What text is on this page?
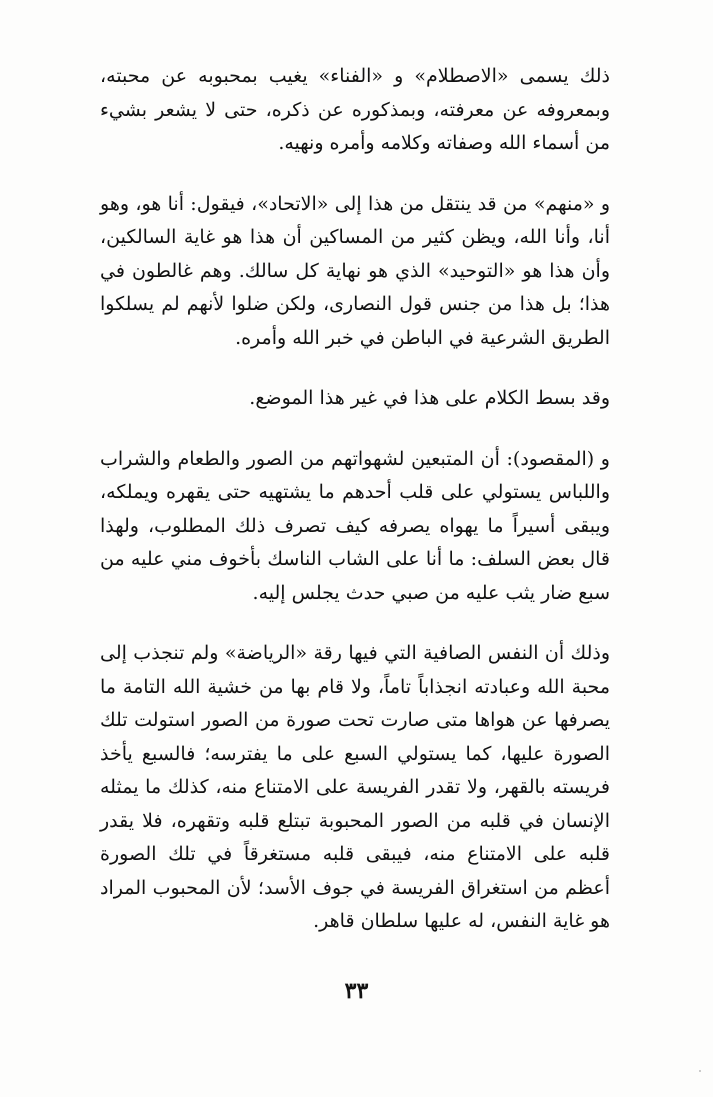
ذلك يسمى «الاصطلام» و «الفناء» يغيب بمحبوبه عن محبته، وبمعروفه عن معرفته، وبمذكوره عن ذكره، حتى لا يشعر بشيء من أسماء الله وصفاته وكلامه وأمره ونهيه.

و «منهم» من قد ينتقل من هذا إلى «الاتحاد»، فيقول: أنا هو، وهو أنا، وأنا الله، ويظن كثير من المساكين أن هذا هو غاية السالكين، وأن هذا هو «التوحيد» الذي هو نهاية كل سالك. وهم غالطون في هذا؛ بل هذا من جنس قول النصارى، ولكن ضلوا لأنهم لم يسلكوا الطريق الشرعية في الباطن في خبر الله وأمره.

وقد بسط الكلام على هذا في غير هذا الموضع.

و (المقصود): أن المتبعين لشهواتهم من الصور والطعام والشراب واللباس يستولي على قلب أحدهم ما يشتهيه حتى يقهره ويملكه، ويبقى أسيراً ما يهواه يصرفه كيف تصرف ذلك المطلوب، ولهذا قال بعض السلف: ما أنا على الشاب الناسك بأخوف مني عليه من سبع ضار يثب عليه من صبي حدث يجلس إليه.

وذلك أن النفس الصافية التي فيها رقة «الرياضة» ولم تنجذب إلى محبة الله وعبادته انجذاباً تاماً، ولا قام بها من خشية الله التامة ما يصرفها عن هواها متى صارت تحت صورة من الصور استولت تلك الصورة عليها، كما يستولي السبع على ما يفترسه؛ فالسبع يأخذ فريسته بالقهر، ولا تقدر الفريسة على الامتناع منه، كذلك ما يمثله الإنسان في قلبه من الصور المحبوبة تبتلع قلبه وتقهره، فلا يقدر قلبه على الامتناع منه، فيبقى قلبه مستغرقاً في تلك الصورة أعظم من استغراق الفريسة في جوف الأسد؛ لأن المحبوب المراد هو غاية النفس، له عليها سلطان قاهر.

٣٣
